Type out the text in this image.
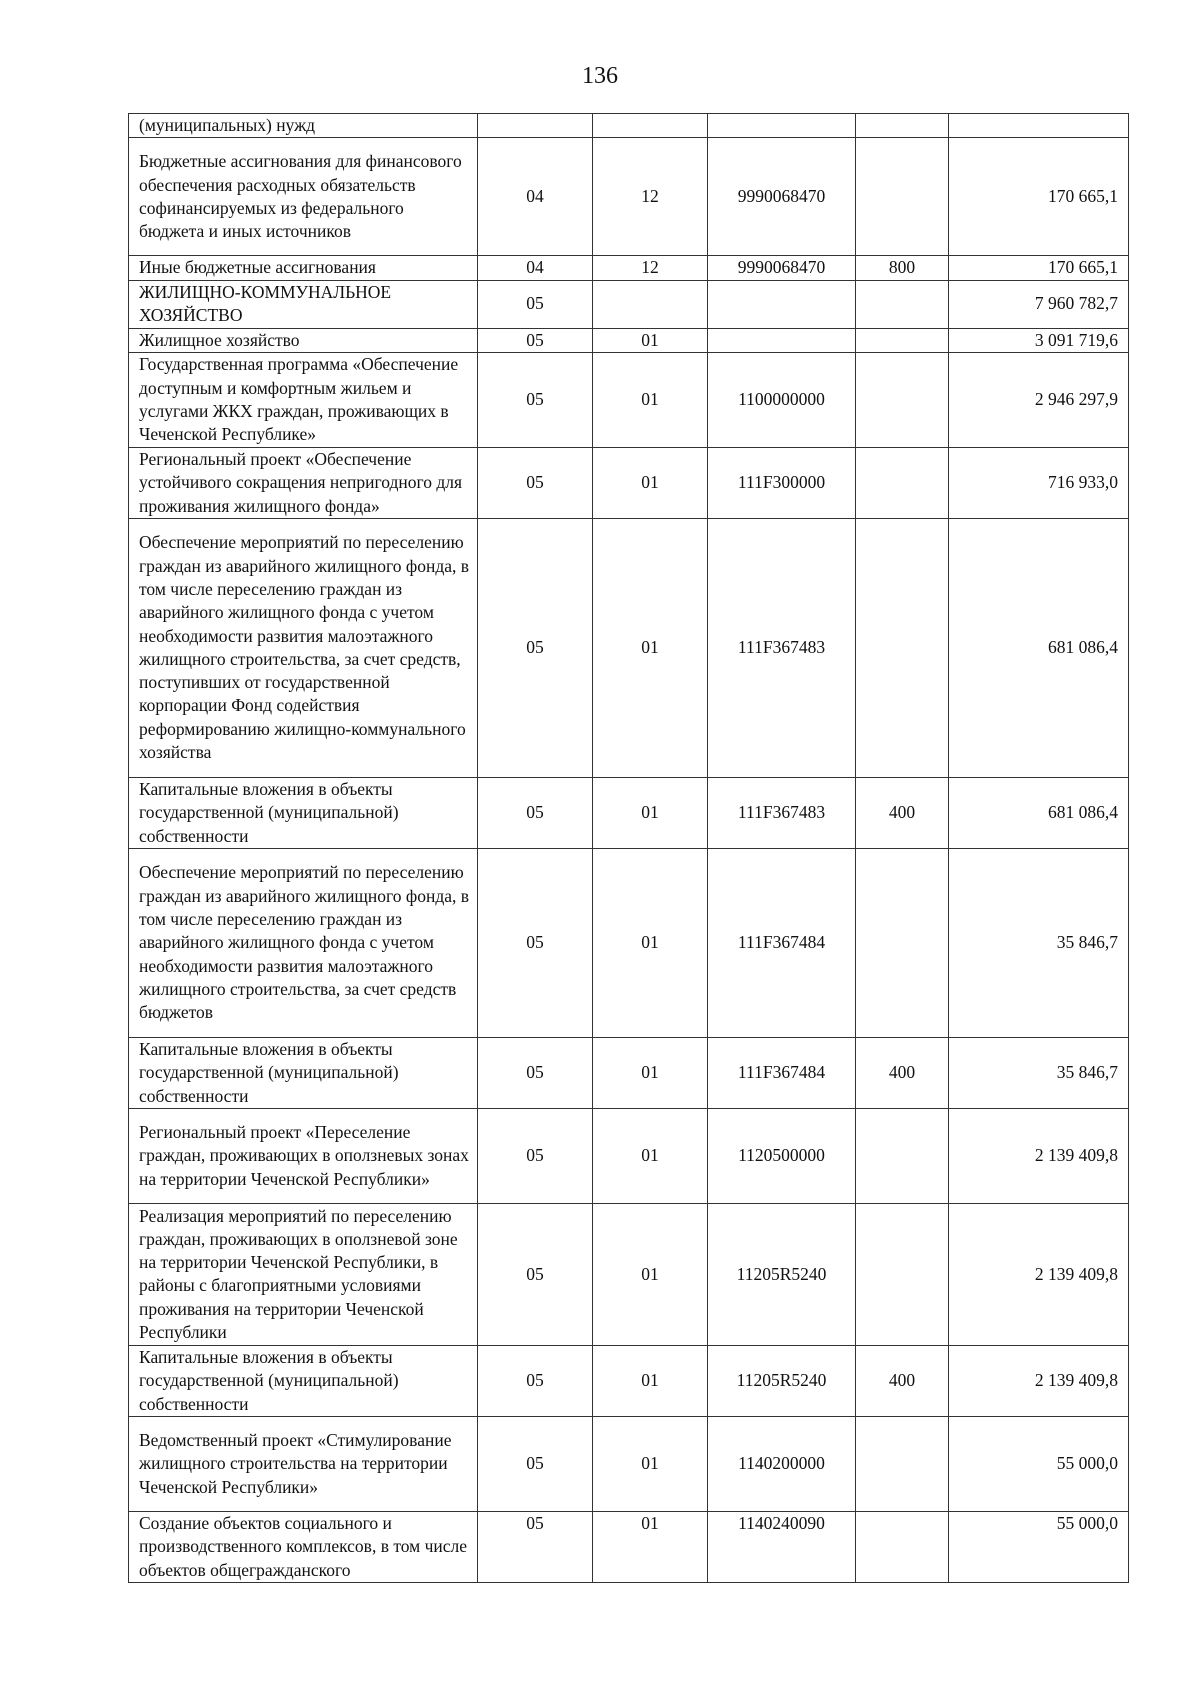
136
(муниципальных) нужд					
Бюджетные ассигнования для финансового обеспечения расходных обязательств софинансируемых из федерального бюджета и иных источников	04	12	9990068470		170 665,1
Иные бюджетные ассигнования	04	12	9990068470	800	170 665,1
ЖИЛИЩНО-КОММУНАЛЬНОЕ ХОЗЯЙСТВО	05				7 960 782,7
Жилищное хозяйство	05	01			3 091 719,6
Государственная программа «Обеспечение доступным и комфортным жильем и услугами ЖКХ граждан, проживающих в Чеченской Республике»	05	01	1100000000		2 946 297,9
Региональный проект «Обеспечение устойчивого сокращения непригодного для проживания жилищного фонда»	05	01	111F300000		716 933,0
Обеспечение мероприятий по переселению граждан из аварийного жилищного фонда, в том числе переселению граждан из аварийного жилищного фонда с учетом необходимости развития малоэтажного жилищного строительства, за счет средств, поступивших от государственной корпорации Фонд содействия реформированию жилищно-коммунального хозяйства	05	01	111F367483		681 086,4
Капитальные вложения в объекты государственной (муниципальной) собственности	05	01	111F367483	400	681 086,4
Обеспечение мероприятий по переселению граждан из аварийного жилищного фонда, в том числе переселению граждан из аварийного жилищного фонда с учетом необходимости развития малоэтажного жилищного строительства, за счет средств бюджетов	05	01	111F367484		35 846,7
Капитальные вложения в объекты государственной (муниципальной) собственности	05	01	111F367484	400	35 846,7
Региональный проект «Переселение граждан, проживающих в оползневых зонах на территории Чеченской Республики»	05	01	1120500000		2 139 409,8
Реализация мероприятий по переселению граждан, проживающих в оползневой зоне на территории Чеченской Республики, в районы с благоприятными условиями проживания на территории Чеченской Республики	05	01	11205R5240		2 139 409,8
Капитальные вложения в объекты государственной (муниципальной) собственности	05	01	11205R5240	400	2 139 409,8
Ведомственный проект «Стимулирование жилищного строительства на территории Чеченской Республики»	05	01	1140200000		55 000,0
Создание объектов социального и производственного комплексов, в том числе объектов общегражданского	05	01	1140240090		55 000,0
